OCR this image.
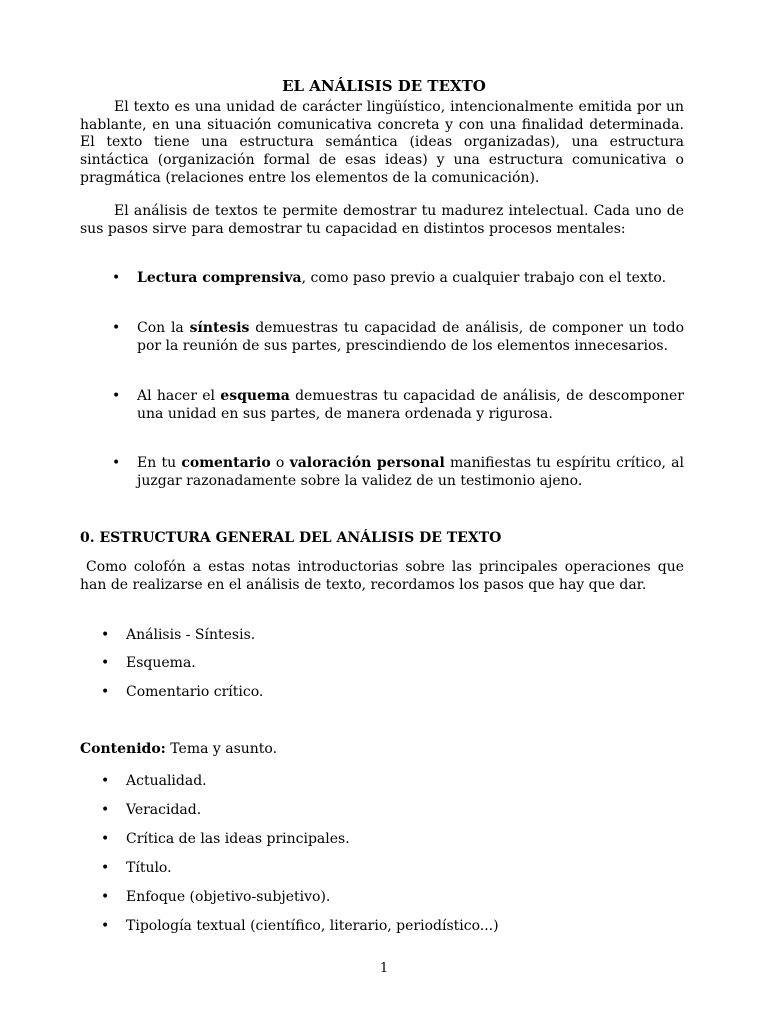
EL ANÁLISIS DE TEXTO
El texto es una unidad de carácter lingüístico, intencionalmente emitida por un hablante, en una situación comunicativa concreta y con una finalidad determinada. El texto tiene una estructura semántica (ideas organizadas), una estructura sintáctica (organización formal de esas ideas) y una estructura comunicativa o pragmática (relaciones entre los elementos de la comunicación).
El análisis de textos te permite demostrar tu madurez intelectual. Cada uno de sus pasos sirve para demostrar tu capacidad en distintos procesos mentales:
• Lectura comprensiva, como paso previo a cualquier trabajo con el texto.
• Con la síntesis demuestras tu capacidad de análisis, de componer un todo por la reunión de sus partes, prescindiendo de los elementos innecesarios.
• Al hacer el esquema demuestras tu capacidad de análisis, de descomponer una unidad en sus partes, de manera ordenada y rigurosa.
• En tu comentario o valoración personal manifiestas tu espíritu crítico, al juzgar razonadamente sobre la validez de un testimonio ajeno.
0. ESTRUCTURA GENERAL DEL ANÁLISIS DE TEXTO
Como colofón a estas notas introductorias sobre las principales operaciones que han de realizarse en el análisis de texto, recordamos los pasos que hay que dar.
• Análisis - Síntesis.
• Esquema.
• Comentario crítico.
Contenido: Tema y asunto.
• Actualidad.
• Veracidad.
• Crítica de las ideas principales.
• Título.
• Enfoque (objetivo-subjetivo).
• Tipología textual (científico, literario, periodístico...)
1
